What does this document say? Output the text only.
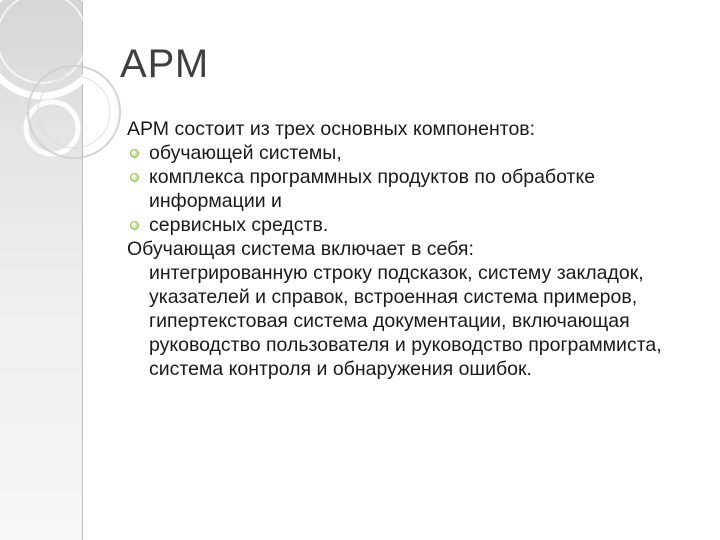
АРМ

АРМ состоит из трех основных компонентов:

обучающей системы,
комплекса программных продуктов по обработке информации и
сервисных средств.

Обучающая система включает в себя:

интегрированную строку подсказок, систему закладок, указателей и справок, встроенная система примеров, гипертекстовая система документации, включающая руководство пользователя и руководство программиста, система контроля и обнаружения ошибок.
